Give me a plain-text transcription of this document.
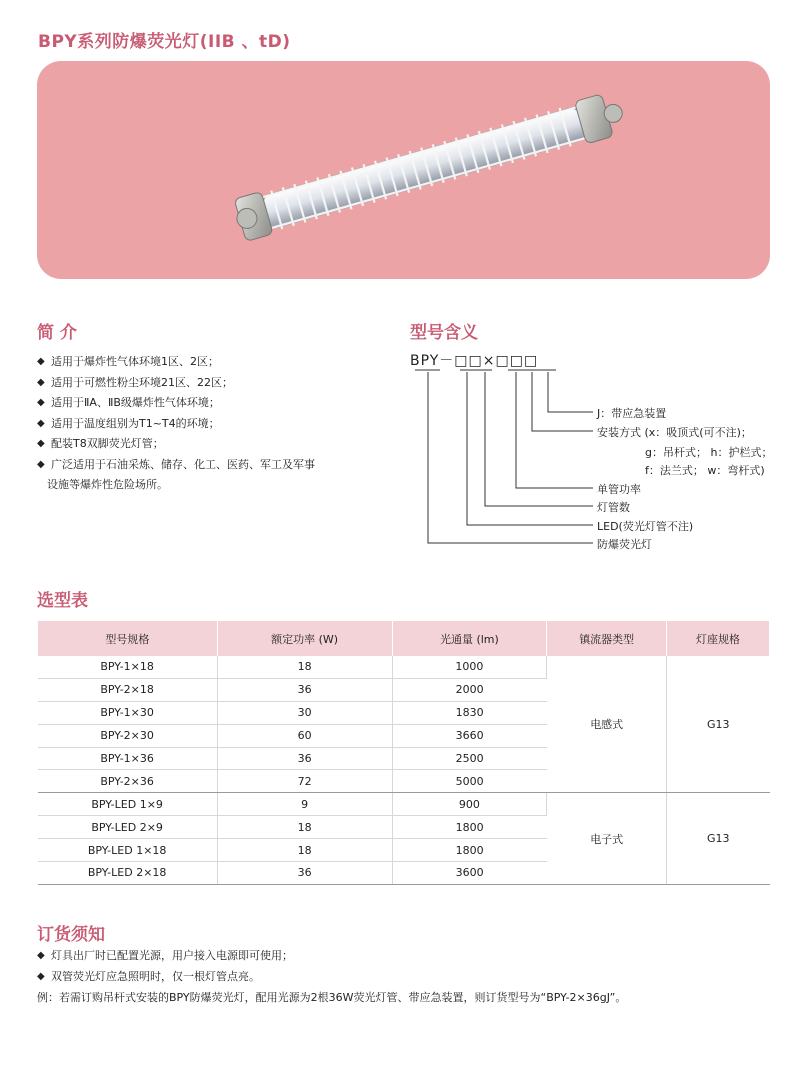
BPY系列防爆荧光灯(IIB 、tD)
简 介
◆ 适用于爆炸性气体环境1区、2区；
◆ 适用于可燃性粉尘环境21区、22区；
◆ 适用于ⅡA、ⅡB级爆炸性气体环境；
◆ 适用于温度组别为T1~T4的环境；
◆ 配装T8双脚荧光灯管；
◆ 广泛适用于石油采炼、储存、化工、医药、军工及军事
设施等爆炸性危险场所。
型号含义
BPY－□□×□□□
J：带应急装置
安装方式 (x：吸顶式(可不注)；
g：吊杆式； h：护栏式；
f：法兰式； w：弯杆式)
单管功率
灯管数
LED(荧光灯管不注)
防爆荧光灯
选型表
型号规格	额定功率 (W)	光通量 (lm)	镇流器类型	灯座规格
BPY-1×18	18	1000	电感式	G13
BPY-2×18	36	2000		
BPY-1×30	30	1830		
BPY-2×30	60	3660		
BPY-1×36	36	2500		
BPY-2×36	72	5000		
BPY-LED 1×9	9	900	电子式	G13
BPY-LED 2×9	18	1800		
BPY-LED 1×18	18	1800		
BPY-LED 2×18	36	3600		
订货须知
◆ 灯具出厂时已配置光源，用户接入电源即可使用；
◆ 双管荧光灯应急照明时，仅一根灯管点亮。
例：若需订购吊杆式安装的BPY防爆荧光灯，配用光源为2根36W荧光灯管、带应急装置，则订货型号为“BPY-2×36gJ”。
